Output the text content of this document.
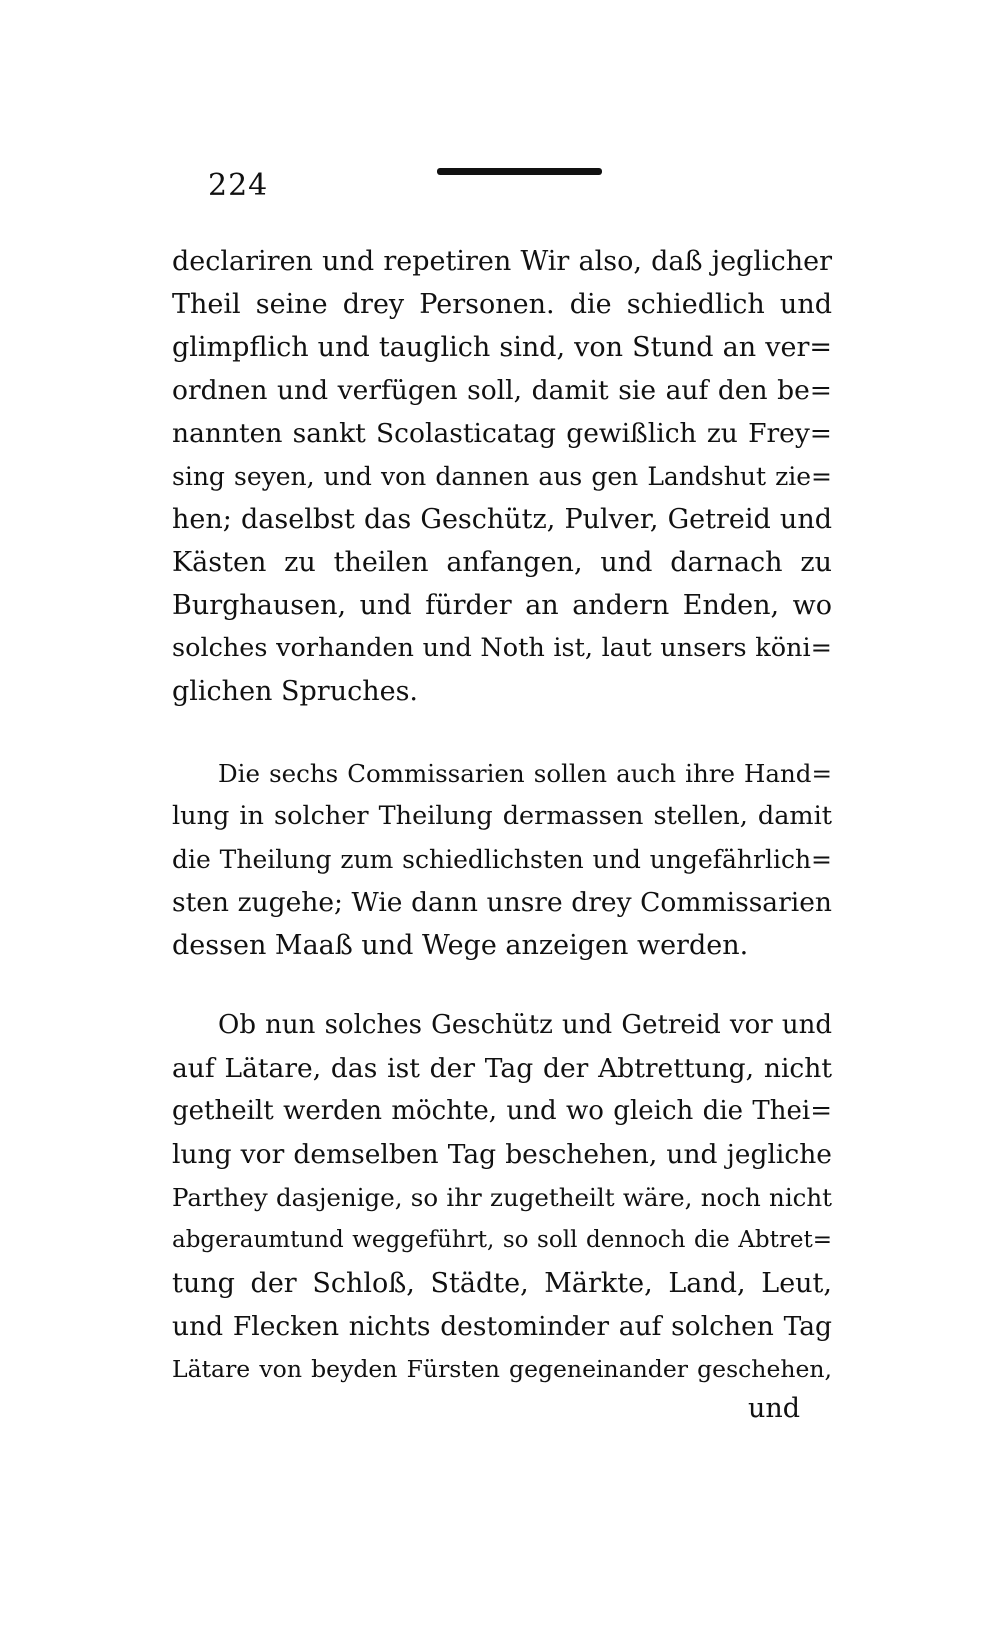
224
declariren und repetiren Wir also, daß jeglicher
Theil seine drey Personen. die schiedlich und
glimpflich und tauglich sind, von Stund an ver=
ordnen und verfügen soll, damit sie auf den be=
nannten sankt Scolasticatag gewißlich zu Frey=
sing seyen, und von dannen aus gen Landshut zie=
hen; daselbst das Geschütz, Pulver, Getreid und
Kästen zu theilen anfangen, und darnach zu
Burghausen, und fürder an andern Enden, wo
solches vorhanden und Noth ist, laut unsers köni=
glichen Spruches.
Die sechs Commissarien sollen auch ihre Hand=
lung in solcher Theilung dermassen stellen, damit
die Theilung zum schiedlichsten und ungefährlich=
sten zugehe; Wie dann unsre drey Commissarien
dessen Maaß und Wege anzeigen werden.
Ob nun solches Geschütz und Getreid vor und
auf Lätare, das ist der Tag der Abtrettung, nicht
getheilt werden möchte, und wo gleich die Thei=
lung vor demselben Tag beschehen, und jegliche
Parthey dasjenige, so ihr zugetheilt wäre, noch nicht
abgeraumtund weggeführt, so soll dennoch die Abtret=
tung der Schloß, Städte, Märkte, Land, Leut,
und Flecken nichts destominder auf solchen Tag
Lätare von beyden Fürsten gegeneinander geschehen,
und
